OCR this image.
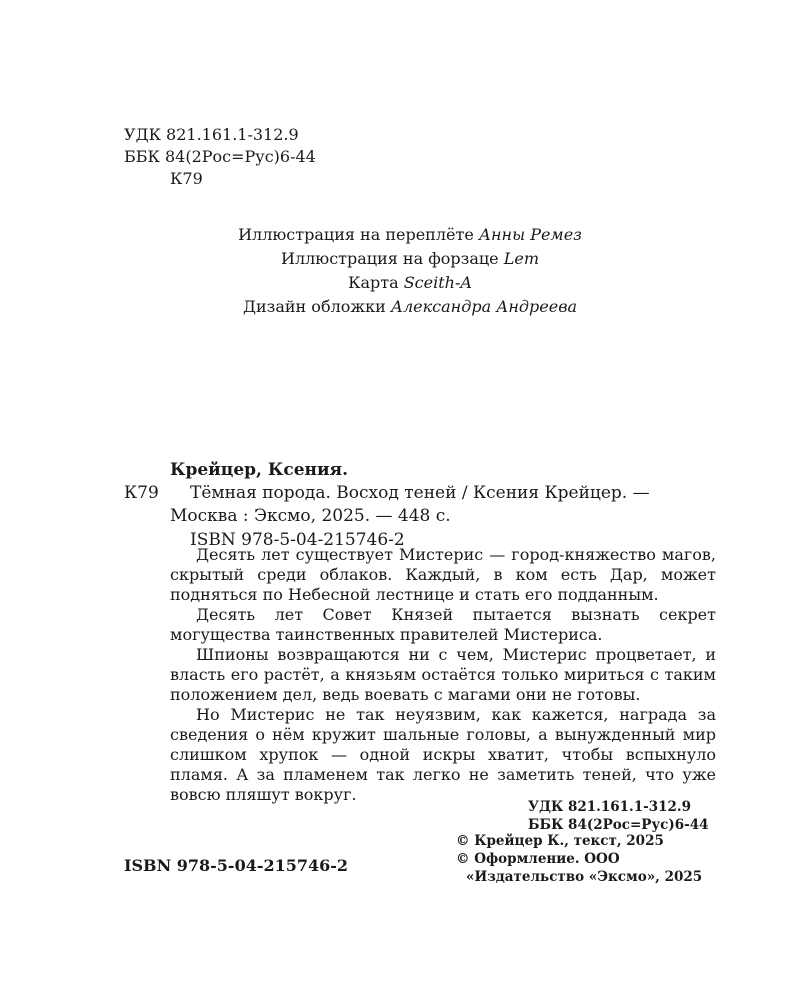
УДК 821.161.1-312.9
ББК 84(2Рос=Рус)6-44
К79
Иллюстрация на переплёте Анны Ремез
Иллюстрация на форзаце Lem
Карта Sceith-A
Дизайн обложки Александра Андреева
Крейцер, Ксения.
К79 Тёмная порода. Восход теней / Ксения Крейцер. —
Москва : Эксмо, 2025. — 448 с.
ISBN 978-5-04-215746-2

Десять лет существует Мистерис — город-княжество магов, скрытый среди облаков. Каждый, в ком есть Дар, может подняться по Небесной лестнице и стать его подданным.

Десять лет Совет Князей пытается вызнать секрет могущества таинственных правителей Мистериса.

Шпионы возвращаются ни с чем, Мистерис процветает, и власть его растёт, а князьям остаётся только мириться с таким положением дел, ведь воевать с магами они не готовы.

Но Мистерис не так неуязвим, как кажется, награда за сведения о нём кружит шальные головы, а вынужденный мир слишком хрупок — одной искры хватит, чтобы вспыхнуло пламя. А за пламенем так легко не заметить теней, что уже вовсю пляшут вокруг.

УДК 821.161.1-312.9
ББК 84(2Рос=Рус)6-44
© Крейцер К., текст, 2025
© Оформление. ООО
«Издательство «Эксмо», 2025
ISBN 978-5-04-215746-2
